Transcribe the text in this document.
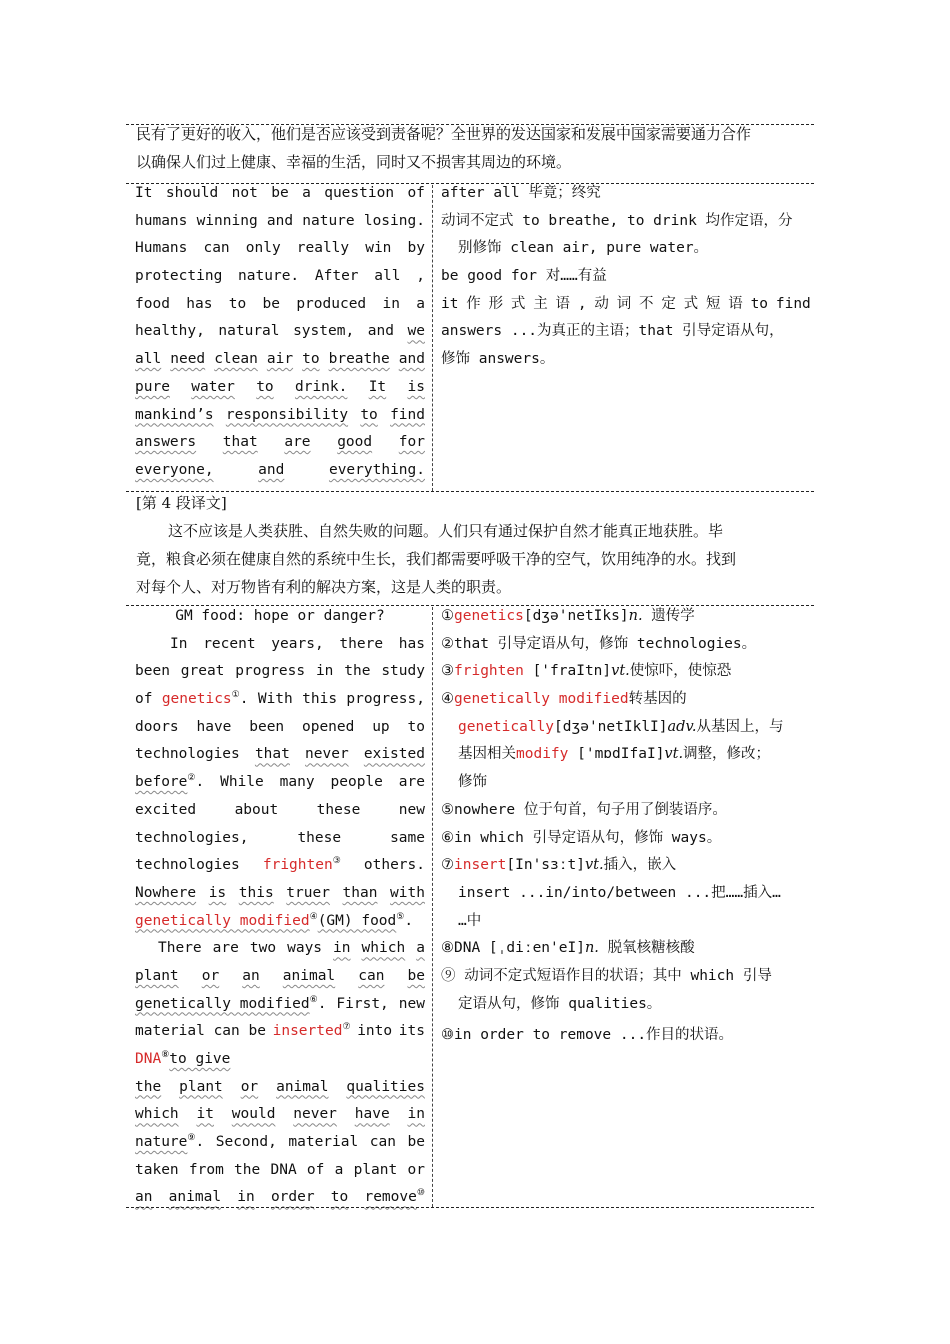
民有了更好的收入，他们是否应该受到责备呢？全世界的发达国家和发展中国家需要通力合作
以确保人们过上健康、幸福的生活，同时又不损害其周边的环境。
It should not be a question of
humans winning and nature losing.
Humans can only really win by
protecting nature. After all ,
food has to be produced in a
healthy, natural system, and we
all need clean air to breathe and
pure water to drink. It is
mankind’s responsibility to find
answers that are good for
everyone,	and	everything.
after all 毕竟；终究
动词不定式 to breathe, to drink 均作定语，分
别修饰 clean air, pure water。
be good for 对……有益
it 作 形 式 主 语 , 动 词 不 定 式 短 语 to find
answers ...为真正的主语；that 引导定语从句，
修饰 answers。
[第 4 段译文]
这不应该是人类获胜、自然失败的问题。人们只有通过保护自然才能真正地获胜。毕
竟，粮食必须在健康自然的系统中生长，我们都需要呼吸干净的空气，饮用纯净的水。找到
对每个人、对万物皆有利的解决方案，这是人类的职责。
GM food: hope or danger?
In recent years, there has
been great progress in the study
of genetics①. With this progress,
doors have been opened up to
technologies that never existed
before②. While many people are
excited	about	these	new
technologies,	these	same
technologies frighten③ others.
Nowhere is this truer than with
genetically modified④(GM) food⑤.
There are two ways in which a
plant or an animal can be
genetically modified⑥. First, new
material can be inserted⑦ into its
DNA⑧to give
the plant or animal qualities
which it would never have in
nature⑨. Second, material can be
taken from the DNA of a plant or
an animal in order to remove⑩
①genetics[dʒə'netIks]n. 遗传学
②that 引导定语从句，修饰 technologies。
③frighten ['fraItn]vt.使惊吓，使惊恐
④genetically modified转基因的
genetically[dʒə'netIklI]adv.从基因上，与
基因相关modify ['mɒdIfaI]vt.调整，修改；
修饰
⑤nowhere 位于句首，句子用了倒装语序。
⑥in which 引导定语从句，修饰 ways。
⑦insert[In'sɜːt]vt.插入，嵌入
insert ...in/into/between ...把……插入…
…中
⑧DNA [ˌdiːen'eI]n. 脱氧核糖核酸
⑨ 动词不定式短语作目的状语；其中 which 引导
定语从句，修饰 qualities。
⑩in order to remove ...作目的状语。
